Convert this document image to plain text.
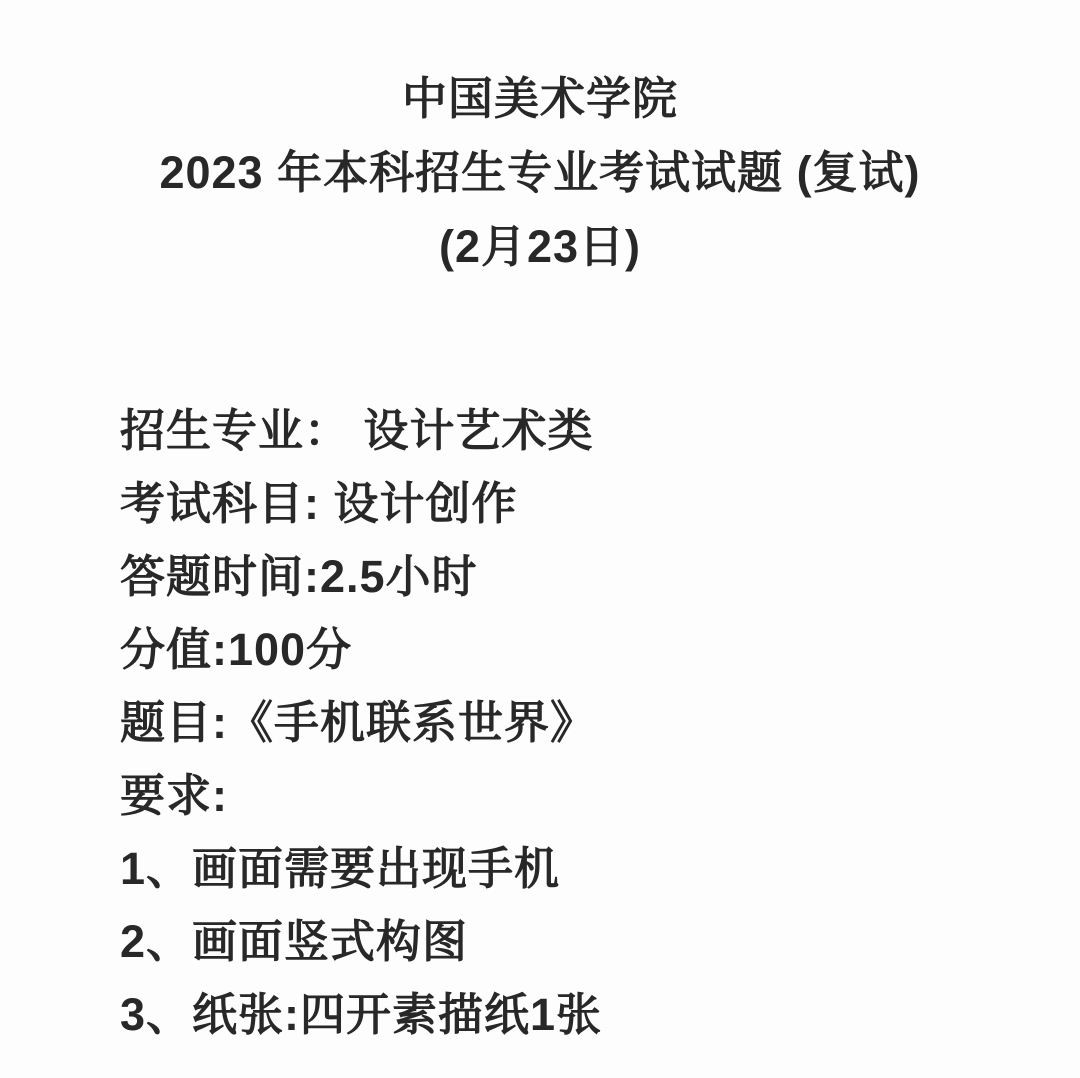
中国美术学院
2023 年本科招生专业考试试题 (复试)
(2月23日)
招生专业： 设计艺术类
考试科目: 设计创作
答题时间:2.5小时
分值:100分
题目:《手机联系世界》
要求:
1、画面需要出现手机
2、画面竖式构图
3、纸张:四开素描纸1张
